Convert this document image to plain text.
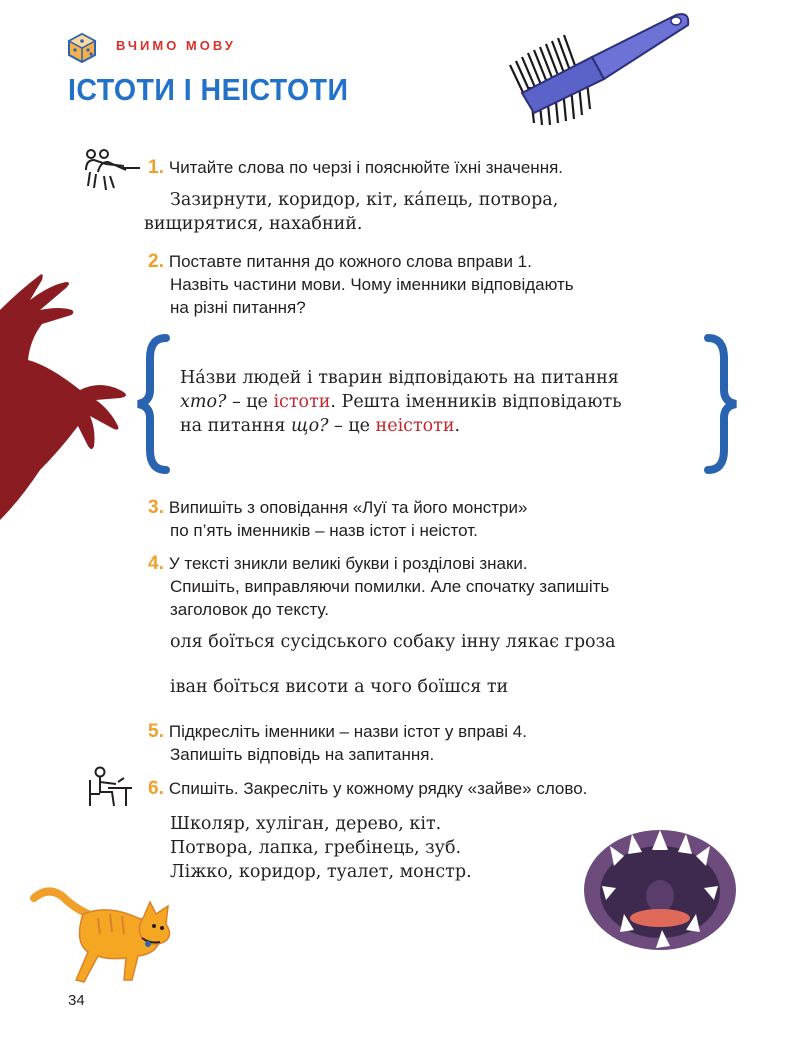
ВЧИМО МОВУ
ІСТОТИ І НЕІСТОТИ
1. Читайте слова по черзі і пояснюйте їхні значення.
Зазирнути, коридор, кіт, ка́пець, потвора,
вищирятися, нахабний.
2. Поставте питання до кожного слова вправи 1.
Назвіть частини мови. Чому іменники відповідають
на різні питання?
На́зви людей і тварин відповідають на питання
хто? – це істоти. Решта іменників відповідають
на питання що? – це неістоти.
3. Випишіть з оповідання «Луї та його монстри»
по п’ять іменників – назв істот і неістот.
4. У тексті зникли великі букви і розділові знаки.
Спишіть, виправляючи помилки. Але спочатку запишіть
заголовок до тексту.
оля боїться сусідського собаку інну лякає гроза
іван боїться висоти а чого боїшся ти
5. Підкресліть іменники – назви істот у вправі 4.
Запишіть відповідь на запитання.
6. Спишіть. Закресліть у кожному рядку «зайве» слово.
Школяр, хуліган, дерево, кіт.
Потвора, лапка, гребінець, зуб.
Ліжко, коридор, туалет, монстр.
34
